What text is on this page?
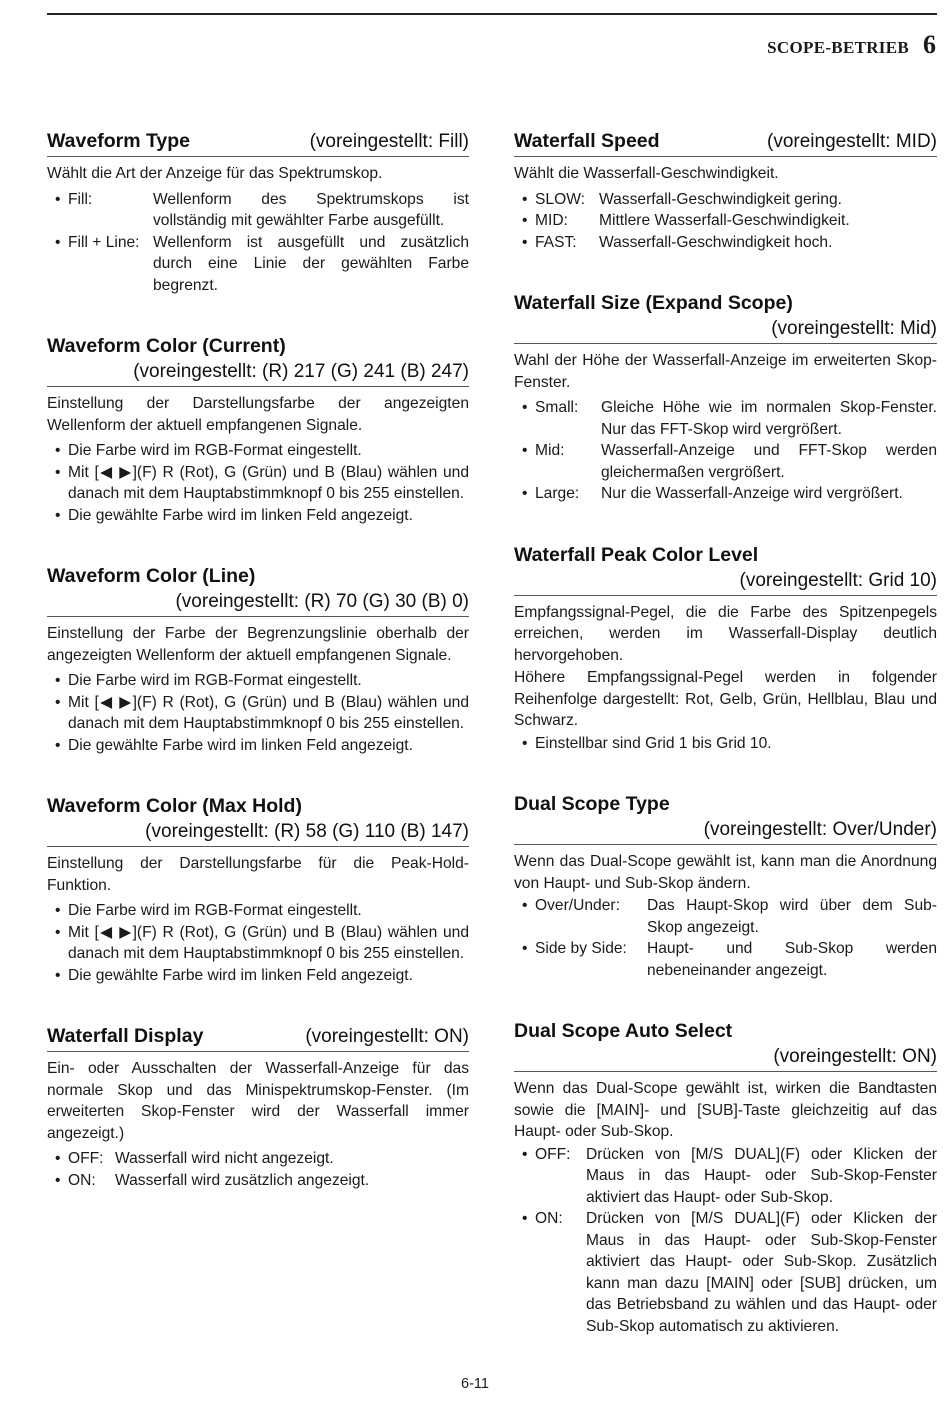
SCOPE-BETRIEB 6
Waveform Type	(voreingestellt: Fill)

Wählt die Art der Anzeige für das Spektrumskop.

• Fill:	Wellenform des Spektrumskops ist vollständig mit gewählter Farbe ausgefüllt.
• Fill + Line: Wellenform ist ausgefüllt und zusätzlich durch eine Linie der gewählten Farbe begrenzt.
Waveform Color (Current)
(voreingestellt: (R) 217 (G) 241 (B) 247)

Einstellung der Darstellungsfarbe der angezeigten Wellenform der aktuell empfangenen Signale.

• Die Farbe wird im RGB-Format eingestellt.
• Mit [◀ ▶](F) R (Rot), G (Grün) und B (Blau) wählen und danach mit dem Hauptabstimmknopf 0 bis 255 einstellen.
• Die gewählte Farbe wird im linken Feld angezeigt.
Waveform Color (Line)
(voreingestellt: (R) 70 (G) 30 (B) 0)

Einstellung der Farbe der Begrenzungslinie oberhalb der angezeigten Wellenform der aktuell empfangenen Signale.

• Die Farbe wird im RGB-Format eingestellt.
• Mit [◀ ▶](F) R (Rot), G (Grün) und B (Blau) wählen und danach mit dem Hauptabstimmknopf 0 bis 255 einstellen.
• Die gewählte Farbe wird im linken Feld angezeigt.
Waveform Color (Max Hold)
(voreingestellt: (R) 58 (G) 110 (B) 147)

Einstellung der Darstellungsfarbe für die Peak-Hold-Funktion.

• Die Farbe wird im RGB-Format eingestellt.
• Mit [◀ ▶](F) R (Rot), G (Grün) und B (Blau) wählen und danach mit dem Hauptabstimmknopf 0 bis 255 einstellen.
• Die gewählte Farbe wird im linken Feld angezeigt.
Waterfall Display	(voreingestellt: ON)

Ein- oder Ausschalten der Wasserfall-Anzeige für das normale Skop und das Minispektrumskop-Fenster. (Im erweiterten Skop-Fenster wird der Wasserfall immer angezeigt.)

• OFF: Wasserfall wird nicht angezeigt.
• ON:	Wasserfall wird zusätzlich angezeigt.
Waterfall Speed	(voreingestellt: MID)

Wählt die Wasserfall-Geschwindigkeit.

• SLOW: Wasserfall-Geschwindigkeit gering.
• MID:	Mittlere Wasserfall-Geschwindigkeit.
• FAST:	Wasserfall-Geschwindigkeit hoch.
Waterfall Size (Expand Scope)
(voreingestellt: Mid)

Wahl der Höhe der Wasserfall-Anzeige im erweiterten Skop-Fenster.

• Small:	Gleiche Höhe wie im normalen Skop-Fenster. Nur das FFT-Skop wird vergrößert.
• Mid:	Wasserfall-Anzeige und FFT-Skop werden gleichermaßen vergrößert.
• Large:	Nur die Wasserfall-Anzeige wird vergrößert.
Waterfall Peak Color Level
(voreingestellt: Grid 10)

Empfangssignal-Pegel, die die Farbe des Spitzenpegels erreichen, werden im Wasserfall-Display deutlich hervorgehoben.

Höhere Empfangssignal-Pegel werden in folgender Reihenfolge dargestellt: Rot, Gelb, Grün, Hellblau, Blau und Schwarz.

• Einstellbar sind Grid 1 bis Grid 10.
Dual Scope Type
(voreingestellt: Over/Under)

Wenn das Dual-Scope gewählt ist, kann man die Anordnung von Haupt- und Sub-Skop ändern.

• Over/Under:	Das Haupt-Skop wird über dem Sub-Skop angezeigt.
• Side by Side:	Haupt- und Sub-Skop werden nebeneinander angezeigt.
Dual Scope Auto Select
(voreingestellt: ON)

Wenn das Dual-Scope gewählt ist, wirken die Bandtasten sowie die [MAIN]- und [SUB]-Taste gleichzeitig auf das Haupt- oder Sub-Skop.

• OFF: Drücken von [M/S DUAL](F) oder Klicken der Maus in das Haupt- oder Sub-Skop-Fenster aktiviert das Haupt- oder Sub-Skop.
• ON:	Drücken von [M/S DUAL](F) oder Klicken der Maus in das Haupt- oder Sub-Skop-Fenster aktiviert das Haupt- oder Sub-Skop. Zusätzlich kann man dazu [MAIN] oder [SUB] drücken, um das Betriebsband zu wählen und das Haupt- oder Sub-Skop automatisch zu aktivieren.
6-11
